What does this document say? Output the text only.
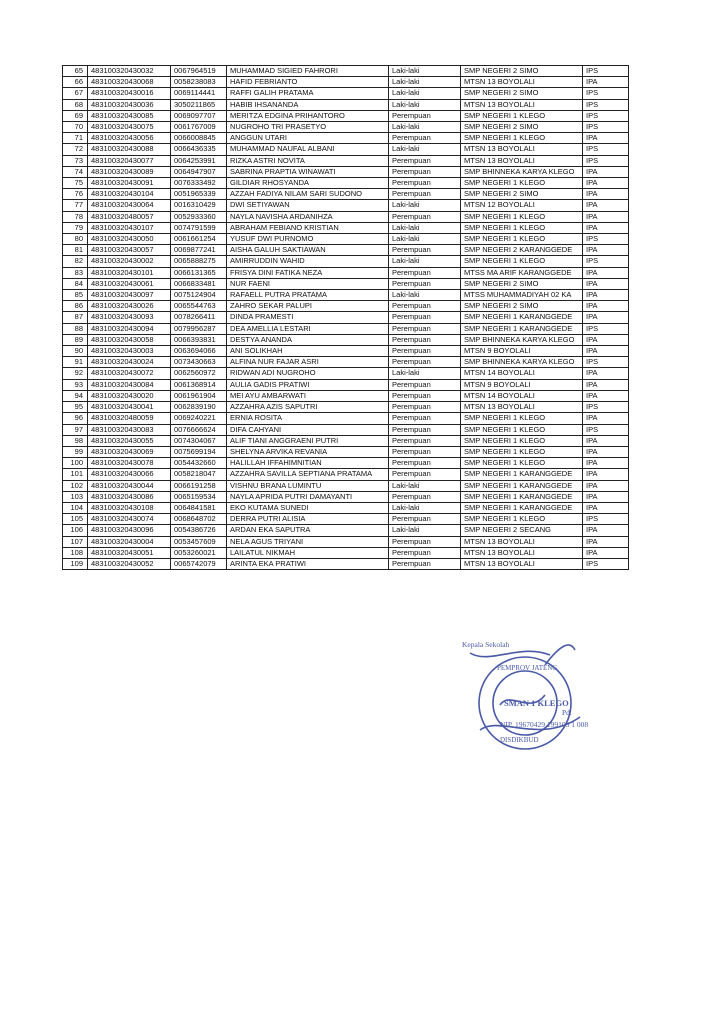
65	483100320430032	0067964519	MUHAMMAD SIGIED FAHRORI	Laki-laki	SMP NEGERI 2 SIMO	IPS
66	483100320430068	0058238083	HAFID FEBRIANTO	Laki-laki	MTSN 13 BOYOLALI	IPA
67	483100320430016	0069114441	RAFFI GALIH PRATAMA	Laki-laki	SMP NEGERI 2 SIMO	IPS
68	483100320430036	3050211865	HABIB IHSANANDA	Laki-laki	MTSN 13 BOYOLALI	IPS
69	483100320430085	0069097707	MERITZA EDGINA PRIHANTORO	Perempuan	SMP NEGERI 1 KLEGO	IPS
70	483100320430075	0061767009	NUGROHO TRI PRASETYO	Laki-laki	SMP NEGERI 2 SIMO	IPS
71	483100320430056	0066008845	ANGGUN UTARI	Perempuan	SMP NEGERI 1 KLEGO	IPA
72	483100320430088	0066436335	MUHAMMAD NAUFAL ALBANI	Laki-laki	MTSN 13 BOYOLALI	IPS
73	483100320430077	0064253991	RIZKA ASTRI NOVITA	Perempuan	MTSN 13 BOYOLALI	IPS
74	483100320430089	0064947907	SABRINA PRAPTIA WINAWATI	Perempuan	SMP BHINNEKA KARYA KLEGO	IPA
75	483100320430091	0076333492	GILDIAR RHOSYANDA	Perempuan	SMP NEGERI 1 KLEGO	IPA
76	483100320430104	0051965339	AZZAH FADIYA NILAM SARI SUDONO	Perempuan	SMP NEGERI 2 SIMO	IPA
77	483100320430064	0016310429	DWI SETIYAWAN	Laki-laki	MTSN 12 BOYOLALI	IPA
78	483100320480057	0052933360	NAYLA NAVISHA ARDANIHZA	Perempuan	SMP NEGERI 1 KLEGO	IPA
79	483100320430107	0074791599	ABRAHAM FEBIANO KRISTIAN	Laki-laki	SMP NEGERI 1 KLEGO	IPA
80	483100320430050	0061661254	YUSUF DWI PURNOMO	Laki-laki	SMP NEGERI 1 KLEGO	IPS
81	483100320430057	0069877241	AISHA GALUH SAKTIAWAN	Perempuan	SMP NEGERI 2 KARANGGEDE	IPA
82	483100320430002	0065888275	AMIRRUDDIN WAHID	Laki-laki	SMP NEGERI 1 KLEGO	IPS
83	483100320430101	0066131365	FRISYA DINI FATIKA NEZA	Perempuan	MTSS MA ARIF KARANGGEDE	IPA
84	483100320430061	0066833481	NUR FAENI	Perempuan	SMP NEGERI 2 SIMO	IPA
85	483100320430097	0075124904	RAFAELL PUTRA PRATAMA	Laki-laki	MTSS MUHAMMADIYAH 02 KA	IPA
86	483100320430026	0065544763	ZAHRO SEKAR PALUPI	Perempuan	SMP NEGERI 2 SIMO	IPA
87	483100320430093	0078266411	DINDA PRAMESTI	Perempuan	SMP NEGERI 1 KARANGGEDE	IPA
88	483100320430094	0079956287	DEA AMELLIA LESTARI	Perempuan	SMP NEGERI 1 KARANGGEDE	IPS
89	483100320430058	0066393831	DESTYA ANANDA	Perempuan	SMP BHINNEKA KARYA KLEGO	IPA
90	483100320430003	0063694066	ANI SOLIKHAH	Perempuan	MTSN 9 BOYOLALI	IPA
91	483100320430024	0073430663	ALFINA NUR FAJAR ASRI	Perempuan	SMP BHINNEKA KARYA KLEGO	IPS
92	483100320430072	0062560972	RIDWAN ADI NUGROHO	Laki-laki	MTSN 14 BOYOLALI	IPA
93	483100320430084	0061368914	AULIA GADIS PRATIWI	Perempuan	MTSN 9 BOYOLALI	IPA
94	483100320430020	0061961904	MEI AYU AMBARWATI	Perempuan	MTSN 14 BOYOLALI	IPA
95	483100320430041	0062839190	AZZAHRA AZIS SAPUTRI	Perempuan	MTSN 13 BOYOLALI	IPS
96	483100320480059	0069240221	ERNIA ROSITA	Perempuan	SMP NEGERI 1 KLEGO	IPA
97	483100320430083	0076666624	DIFA CAHYANI	Perempuan	SMP NEGERI 1 KLEGO	IPS
98	483100320430055	0074304067	ALIF TIANI ANGGRAENI PUTRI	Perempuan	SMP NEGERI 1 KLEGO	IPA
99	483100320430069	0075699194	SHELYNA ARVIKA REVANIA	Perempuan	SMP NEGERI 1 KLEGO	IPA
100	483100320430078	0054432660	HALILLAH IFFAHIMNITIAN	Perempuan	SMP NEGERI 1 KLEGO	IPA
101	483100320430066	0058218047	AZZAHRA SAVILLA SEPTIANA PRATAMA	Perempuan	SMP NEGERI 1 KARANGGEDE	IPA
102	483100320430044	0066191258	VISHNU BRANA LUMINTU	Laki-laki	SMP NEGERI 1 KARANGGEDE	IPA
103	483100320430086	0065159534	NAYLA APRIDA PUTRI DAMAYANTI	Perempuan	SMP NEGERI 1 KARANGGEDE	IPA
104	483100320430108	0064841581	EKO KUTAMA SUNEDI	Laki-laki	SMP NEGERI 1 KARANGGEDE	IPA
105	483100320430074	0068648702	DERRA PUTRI ALISIA	Perempuan	SMP NEGERI 1 KLEGO	IPS
106	483100320430096	0054386726	ARDAN EKA SAPUTRA	Laki-laki	SMP NEGERI 2 SECANG	IPA
107	483100320430004	0053457609	NELA AGUS TRIYANI	Perempuan	MTSN 13 BOYOLALI	IPA
108	483100320430051	0053260021	LAILATUL NIKMAH	Perempuan	MTSN 13 BOYOLALI	IPA
109	483100320430052	0065742079	ARINTA EKA PRATIWI	Perempuan	MTSN 13 BOYOLALI	IPS
Kepala Sekolah
PEMPROV JATENG
DISDIKBUD
SMAN 1 KLEGO
Pd.
NIP. 19670429 199103 1 008
